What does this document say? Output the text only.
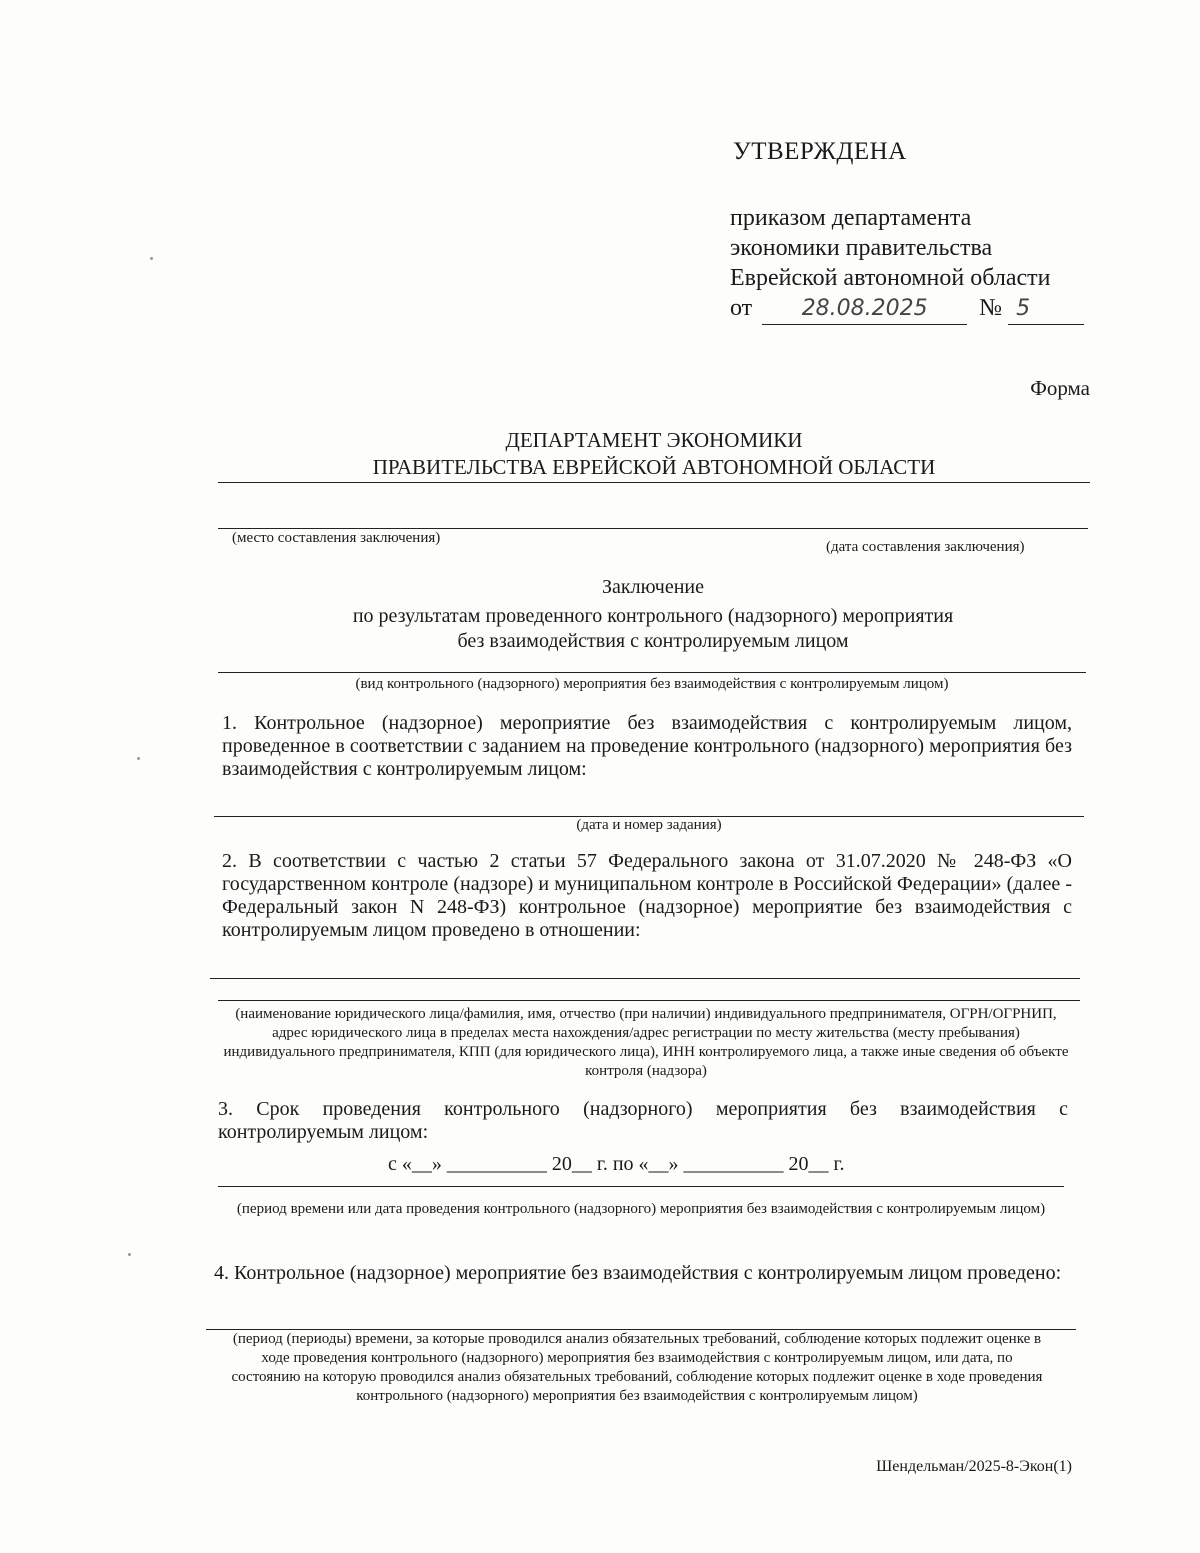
УТВЕРЖДЕНА
приказом департамента
экономики правительства
Еврейской автономной области
от 28.08.2025 № 5
Форма
ДЕПАРТАМЕНТ ЭКОНОМИКИ
ПРАВИТЕЛЬСТВА ЕВРЕЙСКОЙ АВТОНОМНОЙ ОБЛАСТИ
(место составления заключения)
(дата составления заключения)
Заключение
по результатам проведенного контрольного (надзорного) мероприятия
без взаимодействия с контролируемым лицом
(вид контрольного (надзорного) мероприятия без взаимодействия с контролируемым лицом)
1. Контрольное (надзорное) мероприятие без взаимодействия с контролируемым лицом, проведенное в соответствии с заданием на проведение контрольного (надзорного) мероприятия без взаимодействия с контролируемым лицом:
(дата и номер задания)
2. В соответствии с частью 2 статьи 57 Федерального закона от 31.07.2020 № 248-ФЗ «О государственном контроле (надзоре) и муниципальном контроле в Российской Федерации» (далее - Федеральный закон N 248-ФЗ) контрольное (надзорное) мероприятие без взаимодействия с контролируемым лицом проведено в отношении:
(наименование юридического лица/фамилия, имя, отчество (при наличии) индивидуального предпринимателя, ОГРН/ОГРНИП, адрес юридического лица в пределах места нахождения/адрес регистрации по месту жительства (месту пребывания) индивидуального предпринимателя, КПП (для юридического лица), ИНН контролируемого лица, а также иные сведения об объекте контроля (надзора)
3. Срок проведения контрольного (надзорного) мероприятия без взаимодействия с контролируемым лицом:
с «__» __________ 20__ г. по «__» __________ 20__ г.
(период времени или дата проведения контрольного (надзорного) мероприятия без взаимодействия с контролируемым лицом)
4. Контрольное (надзорное) мероприятие без взаимодействия с контролируемым лицом проведено:
(период (периоды) времени, за которые проводился анализ обязательных требований, соблюдение которых подлежит оценке в ходе проведения контрольного (надзорного) мероприятия без взаимодействия с контролируемым лицом, или дата, по состоянию на которую проводился анализ обязательных требований, соблюдение которых подлежит оценке в ходе проведения контрольного (надзорного) мероприятия без взаимодействия с контролируемым лицом)
Шендельман/2025-8-Экон(1)
